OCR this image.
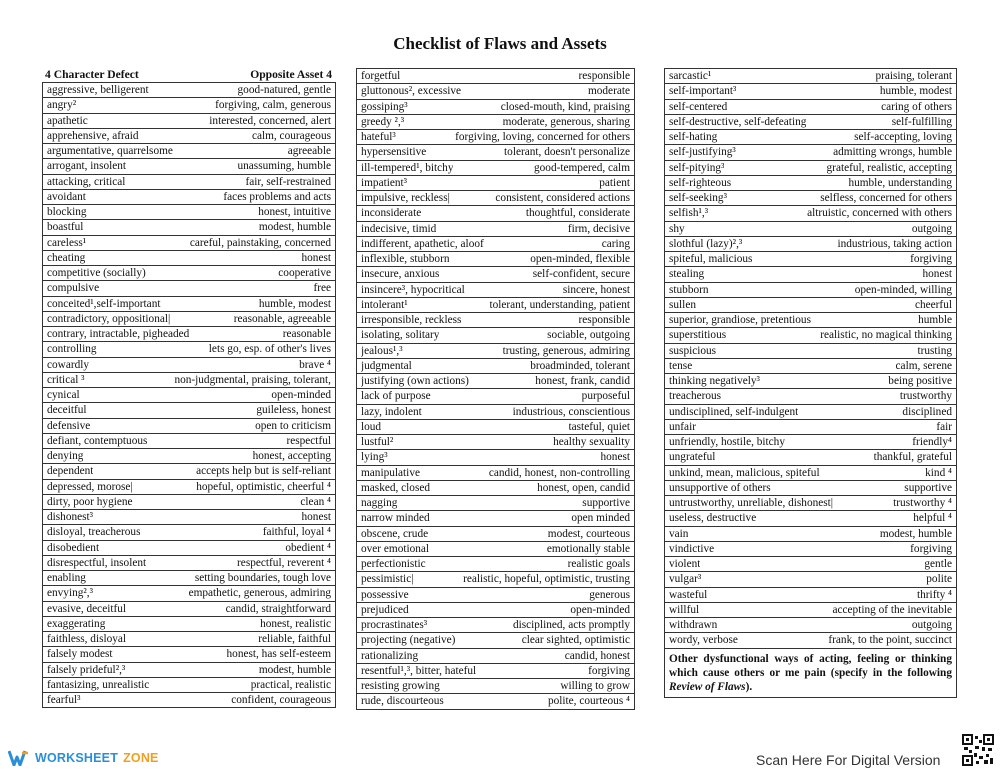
Checklist of Flaws and Assets
4 Character Defect	Opposite Asset 4
aggressive, belligerent	good-natured, gentle

angry²	forgiving, calm, generous

apathetic	interested, concerned, alert

apprehensive, afraid	calm, courageous

argumentative, quarrelsome	agreeable

arrogant, insolent	unassuming, humble

attacking, critical	fair, self-restrained

avoidant	faces problems and acts

blocking	honest, intuitive

boastful	modest, humble

careless¹	careful, painstaking, concerned

cheating	honest

competitive (socially)	cooperative

compulsive	free

conceited¹,self-important	humble, modest

contradictory, oppositional|	reasonable, agreeable

contrary, intractable, pigheaded	reasonable

controlling	lets go, esp. of other's lives

cowardly	brave ⁴

critical ³	non-judgmental, praising, tolerant,

cynical	open-minded

deceitful	guileless, honest

defensive	open to criticism

defiant, contemptuous	respectful

denying	honest, accepting

dependent	accepts help but is self-reliant

depressed, morose|	hopeful, optimistic, cheerful ⁴

dirty, poor hygiene	clean ⁴

dishonest³	honest

disloyal, treacherous	faithful, loyal ⁴

disobedient	obedient ⁴

disrespectful, insolent	respectful, reverent ⁴

enabling	setting boundaries, tough love

envying²,³	empathetic, generous, admiring

evasive, deceitful	candid, straightforward

exaggerating	honest, realistic

faithless, disloyal	reliable, faithful

falsely modest	honest, has self-esteem

falsely prideful²,³	modest, humble

fantasizing, unrealistic	practical, realistic

fearful³	confident, courageous
forgetful	responsible

gluttonous², excessive	moderate

gossiping³	closed-mouth, kind, praising

greedy ²,³	moderate, generous, sharing

hateful³	forgiving, loving, concerned for others

hypersensitive	tolerant, doesn't personalize

ill-tempered¹, bitchy	good-tempered, calm

impatient³	patient

impulsive, reckless|	consistent, considered actions

inconsiderate	thoughtful, considerate

indecisive, timid	firm, decisive

indifferent, apathetic, aloof	caring

inflexible, stubborn	open-minded, flexible

insecure, anxious	self-confident, secure

insincere³, hypocritical	sincere, honest

intolerant¹	tolerant, understanding, patient

irresponsible, reckless	responsible

isolating, solitary	sociable, outgoing

jealous¹,³	trusting, generous, admiring

judgmental	broadminded, tolerant

justifying (own actions)	honest, frank, candid

lack of purpose	purposeful

lazy, indolent	industrious, conscientious

loud	tasteful, quiet

lustful²	healthy sexuality

lying³	honest

manipulative	candid, honest, non-controlling

masked, closed	honest, open, candid

nagging	supportive

narrow minded	open minded

obscene, crude	modest, courteous

over emotional	emotionally stable

perfectionistic	realistic goals

pessimistic|	realistic, hopeful, optimistic, trusting

possessive	generous

prejudiced	open-minded

procrastinates³	disciplined, acts promptly

projecting (negative)	clear sighted, optimistic

rationalizing	candid, honest

resentful¹,³, bitter, hateful	forgiving

resisting growing	willing to grow

rude, discourteous	polite, courteous ⁴
sarcastic¹	praising, tolerant

self-important³	humble, modest

self-centered	caring of others

self-destructive, self-defeating	self-fulfilling

self-hating	self-accepting, loving

self-justifying³	admitting wrongs, humble

self-pitying³	grateful, realistic, accepting

self-righteous	humble, understanding

self-seeking³	selfless, concerned for others

selfish¹,³	altruistic, concerned with others

shy	outgoing

slothful (lazy)²,³	industrious, taking action

spiteful, malicious	forgiving

stealing	honest

stubborn	open-minded, willing

sullen	cheerful

superior, grandiose, pretentious	humble

superstitious	realistic, no magical thinking

suspicious	trusting

tense	calm, serene

thinking negatively³	being positive

treacherous	trustworthy

undisciplined, self-indulgent	disciplined

unfair	fair

unfriendly, hostile, bitchy	friendly⁴

ungrateful	thankful, grateful

unkind, mean, malicious, spiteful	kind ⁴

unsupportive of others	supportive

untrustworthy, unreliable, dishonest|	trustworthy ⁴

useless, destructive	helpful ⁴

vain	modest, humble

vindictive	forgiving

violent	gentle

vulgar³	polite

wasteful	thrifty ⁴

willful	accepting of the inevitable

withdrawn	outgoing

wordy, verbose	frank, to the point, succinct

Other dysfunctional ways of acting, feeling or thinking which cause others or me pain (specify in the following Review of Flaws).
WORKSHEET ZONE	Scan Here For Digital Version
